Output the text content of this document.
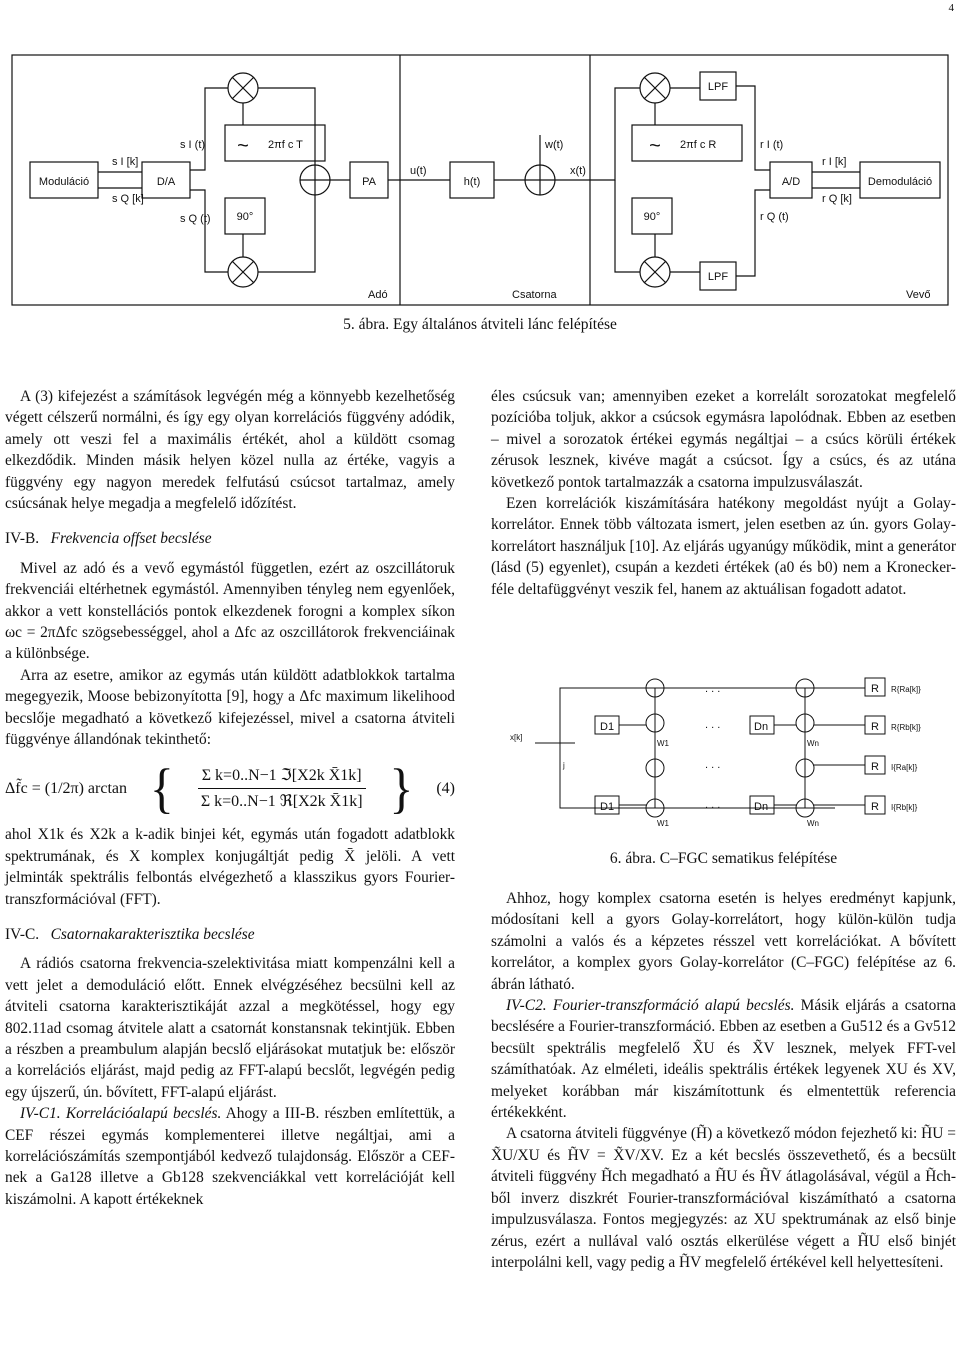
4
Moduláció	D/A	PA	h(t)	A/D	Demoduláció
LPF
LPF
90°	90°
~	~
2πf c T	2πf c R
s I [k]
s Q [k]
s I (t)
s Q (t)
u(t)
w(t)
x(t)
r I (t)
r Q (t)
r I [k]
r Q [k]
Adó	Csatorna	Vevő
5. ábra. Egy általános átviteli lánc felépítése

A (3) kifejezést a számítások legvégén még a könnyebb kezelhetőség végett célszerű normálni, és így egy olyan korrelációs függvény adódik, amely ott veszi fel a maximális értékét, ahol a küldött csomag elkezdődik. Minden másik helyen közel nulla az értéke, vagyis a függvény egy nagyon meredek felfutású csúcsot tartalmaz, amely csúcsának helye megadja a megfelelő időzítést.

IV-B. Frekvencia offset becslése

Mivel az adó és a vevő egymástól független, ezért az oszcillátoruk frekvenciái eltérhetnek egymástól. Amennyiben tényleg nem egyenlőek, akkor a vett konstellációs pontok elkezdenek forogni a komplex síkon ωc = 2πΔfc szögsebességgel, ahol a Δfc az oszcillátorok frekvenciáinak a különbsége.

Arra az esetre, amikor az egymás után küldött adatblokkok tartalma megegyezik, Moose bebizonyította [9], hogy a Δfc maximum likelihood becslője megadható a következő kifejezéssel, mivel a csatorna átviteli függvénye állandónak tekinthető:

Δf̃c = (1/2π) arctan { $\frac{\text{Σ k=0..N−1 ℑ[X2k X̄1k]}}{\text{Σ k=0..N−1 ℜ[X2k X̄1k]}}$ } (4)

ahol X1k és X2k a k-adik binjei két, egymás után fogadott adatblokk spektrumának, és X komplex konjugáltját pedig X̄ jelöli. A vett jelminták spektrális felbontás elvégezhető a klasszikus gyors Fourier-transzformációval (FFT).

IV-C. Csatornakarakterisztika becslése

A rádiós csatorna frekvencia-szelektivitása miatt kompenzálni kell a vett jelet a demoduláció előtt. Ennek elvégzéséhez becsülni kell az átviteli csatorna karakterisztikáját azzal a megkötéssel, hogy egy 802.11ad csomag átvitele alatt a csatornát konstansnak tekintjük. Ebben a részben a preambulum alapján becslő eljárásokat mutatjuk be: először a korrelációs eljárást, majd pedig az FFT-alapú becslőt, legvégén pedig egy újszerű, ún. bővített, FFT-alapú eljárást.

IV-C1. Korrelációalapú becslés. Ahogy a III-B. részben említettük, a CEF részei egymás komplementerei illetve negáltjai, ami a korrelációszámítás szempontjából kedvező tulajdonság. Először a CEF-nek a Ga128 illetve a Gb128 szekvenciákkal vett korrelációját kell kiszámolni. A kapott értékeknek

éles csúcsuk van; amennyiben ezeket a korrelált sorozatokat megfelelő pozícióba toljuk, akkor a csúcsok egymásra lapolódnak. Ebben az esetben – mivel a sorozatok értékei egymás negáltjai – a csúcs körüli értékek zérusok lesznek, kivéve magát a csúcsot. Így a csúcs, és az utána következő pontok tartalmazzák a csatorna impulzusválaszát.

Ezen korrelációk kiszámítására hatékony megoldást nyújt a Golay-korrelátor. Ennek több változata ismert, jelen esetben az ún. gyors Golay-korrelátort használjuk [10]. Az eljárás ugyanúgy működik, mint a generátor (lásd (5) egyenlet), csupán a kezdeti értékek (a0 és b0) nem a Kronecker-féle deltafüggvényt veszik fel, hanem az aktuálisan fogadott adatot.

x[k]
D1
D1
Dn
Dn
W1	Wn
W1	Wn
j
. . .
. . .
. . .
. . .
R
R
R
R
R{Ra[k]}
R{Rb[k]}
I{Ra[k]}
I{Rb[k]}
6. ábra. C–FGC sematikus felépítése

Ahhoz, hogy komplex csatorna esetén is helyes eredményt kapjunk, módosítani kell a gyors Golay-korrelátort, hogy külön-külön tudja számolni a valós és a képzetes résszel vett korrelációkat. A bővített korrelátor, a komplex gyors Golay-korrelátor (C–FGC) felépítése az 6. ábrán látható.

IV-C2. Fourier-transzformáció alapú becslés. Másik eljárás a csatorna becslésére a Fourier-transzformáció. Ebben az esetben a Gu512 és a Gv512 becsült spektrális megfelelő X̃U és X̃V lesznek, melyek FFT-vel számíthatóak. Az elméleti, ideális spektrális értékek legyenek XU és XV, melyeket korábban már kiszámítottunk és elmentettük referencia értékekként.

A csatorna átviteli függvénye (H̃) a következő módon fejezhető ki: H̃U = X̃U/XU és H̃V = X̃V/XV. Ez a két becslés összevethető, és a becsült átviteli függvény H̃ch megadható a H̃U és H̃V átlagolásával, végül a H̃ch-ből inverz diszkrét Fourier-transzformációval kiszámítható a csatorna impulzusválasza. Fontos megjegyzés: az XU spektrumának az első binje zérus, ezért a nullával való osztás elkerülése végett a H̃U első binjét interpolálni kell, vagy pedig a H̃V megfelelő értékével kell helyettesíteni.
